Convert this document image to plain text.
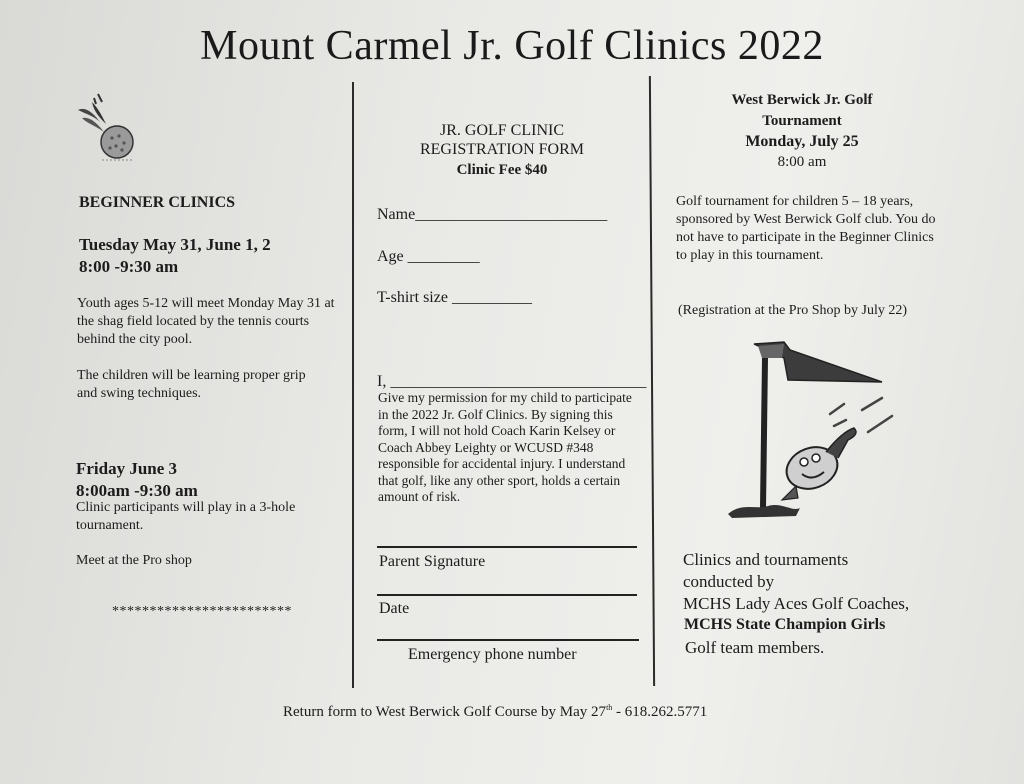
Mount Carmel Jr. Golf Clinics 2022
BEGINNER CLINICS
Tuesday May 31, June 1, 2
8:00 -9:30 am
Youth ages 5-12 will meet Monday May 31 at the shag field located by the tennis courts behind the city pool.
The children will be learning proper grip and swing techniques.
Friday June 3
8:00am -9:30 am
Clinic participants will play in a 3-hole tournament.
Meet at the Pro shop
************************
JR. GOLF CLINIC
REGISTRATION FORM
Clinic Fee $40
Name________________________
Age _________
T-shirt size __________
I, ________________________________
Give my permission for my child to participate in the 2022 Jr. Golf Clinics. By signing this form, I will not hold Coach Karin Kelsey or Coach Abbey Leighty or WCUSD #348 responsible for accidental injury. I understand that golf, like any other sport, holds a certain amount of risk.
Parent Signature
Date
Emergency phone number
West Berwick Jr. Golf
Tournament
Monday, July 25
8:00 am
Golf tournament for children 5 – 18 years, sponsored by West Berwick Golf club. You do not have to participate in the Beginner Clinics to play in this tournament.
(Registration at the Pro Shop by July 22)
Clinics and tournaments
conducted by
MCHS Lady Aces Golf Coaches,
MCHS State Champion Girls
Golf team members.
Return form to West Berwick Golf Course by May 27th - 618.262.5771
